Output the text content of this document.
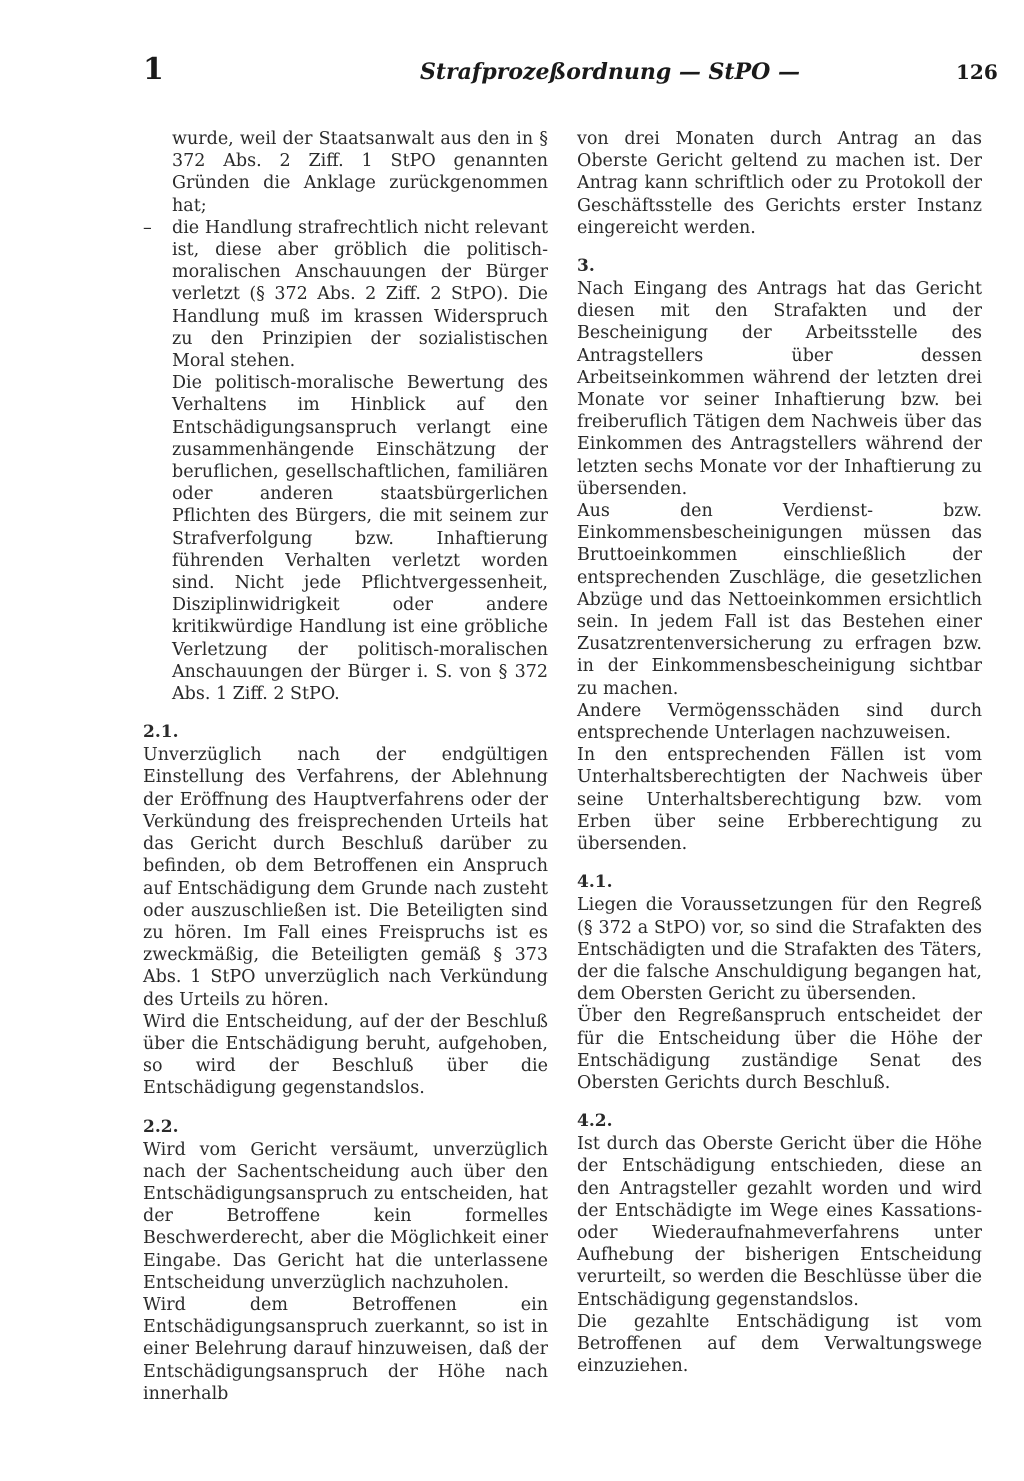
1	Strafprozeßordnung — StPO —	126

wurde, weil der Staatsanwalt aus den in § 372 Abs. 2 Ziff. 1 StPO genannten Gründen die Anklage zurückgenommen hat;

– die Handlung strafrechtlich nicht relevant ist, diese aber gröblich die politisch-moralischen Anschauungen der Bürger verletzt (§ 372 Abs. 2 Ziff. 2 StPO). Die Handlung muß im krassen Widerspruch zu den Prinzipien der sozialistischen Moral stehen.

Die politisch-moralische Bewertung des Verhaltens im Hinblick auf den Entschädigungsanspruch verlangt eine zusammenhängende Einschätzung der beruflichen, gesellschaftlichen, familiären oder anderen staatsbürgerlichen Pflichten des Bürgers, die mit seinem zur Strafverfolgung bzw. Inhaftierung führenden Verhalten verletzt worden sind. Nicht jede Pflichtvergessenheit, Disziplinwidrigkeit oder andere kritikwürdige Handlung ist eine gröbliche Verletzung der politisch-moralischen Anschauungen der Bürger i. S. von § 372 Abs. 1 Ziff. 2 StPO.

2.1.

Unverzüglich nach der endgültigen Einstellung des Verfahrens, der Ablehnung der Eröffnung des Hauptverfahrens oder der Verkündung des freisprechenden Urteils hat das Gericht durch Beschluß darüber zu befinden, ob dem Betroffenen ein Anspruch auf Entschädigung dem Grunde nach zusteht oder auszuschließen ist. Die Beteiligten sind zu hören. Im Fall eines Freispruchs ist es zweckmäßig, die Beteiligten gemäß § 373 Abs. 1 StPO unverzüglich nach Verkündung des Urteils zu hören.

Wird die Entscheidung, auf der der Beschluß über die Entschädigung beruht, aufgehoben, so wird der Beschluß über die Entschädigung gegenstandslos.

2.2.

Wird vom Gericht versäumt, unverzüglich nach der Sachentscheidung auch über den Entschädigungsanspruch zu entscheiden, hat der Betroffene kein formelles Beschwerderecht, aber die Möglichkeit einer Eingabe. Das Gericht hat die unterlassene Entscheidung unverzüglich nachzuholen.

Wird dem Betroffenen ein Entschädigungsanspruch zuerkannt, so ist in einer Belehrung darauf hinzuweisen, daß der Entschädigungsanspruch der Höhe nach innerhalb

von drei Monaten durch Antrag an das Oberste Gericht geltend zu machen ist. Der Antrag kann schriftlich oder zu Protokoll der Geschäftsstelle des Gerichts erster Instanz eingereicht werden.

3.

Nach Eingang des Antrags hat das Gericht diesen mit den Strafakten und der Bescheinigung der Arbeitsstelle des Antragstellers über dessen Arbeitseinkommen während der letzten drei Monate vor seiner Inhaftierung bzw. bei freiberuflich Tätigen dem Nachweis über das Einkommen des Antragstellers während der letzten sechs Monate vor der Inhaftierung zu übersenden.

Aus den Verdienst- bzw. Einkommensbescheinigungen müssen das Bruttoeinkommen einschließlich der entsprechenden Zuschläge, die gesetzlichen Abzüge und das Nettoeinkommen ersichtlich sein. In jedem Fall ist das Bestehen einer Zusatzrentenversicherung zu erfragen bzw. in der Einkommensbescheinigung sichtbar zu machen.

Andere Vermögensschäden sind durch entsprechende Unterlagen nachzuweisen.

In den entsprechenden Fällen ist vom Unterhaltsberechtigten der Nachweis über seine Unterhaltsberechtigung bzw. vom Erben über seine Erbberechtigung zu übersenden.

4.1.

Liegen die Voraussetzungen für den Regreß (§ 372 a StPO) vor, so sind die Strafakten des Entschädigten und die Strafakten des Täters, der die falsche Anschuldigung begangen hat, dem Obersten Gericht zu übersenden.

Über den Regreßanspruch entscheidet der für die Entscheidung über die Höhe der Entschädigung zuständige Senat des Obersten Gerichts durch Beschluß.

4.2.

Ist durch das Oberste Gericht über die Höhe der Entschädigung entschieden, diese an den Antragsteller gezahlt worden und wird der Entschädigte im Wege eines Kassations- oder Wiederaufnahmeverfahrens unter Aufhebung der bisherigen Entscheidung verurteilt, so werden die Beschlüsse über die Entschädigung gegenstandslos.

Die gezahlte Entschädigung ist vom Betroffenen auf dem Verwaltungswege einzuziehen.
